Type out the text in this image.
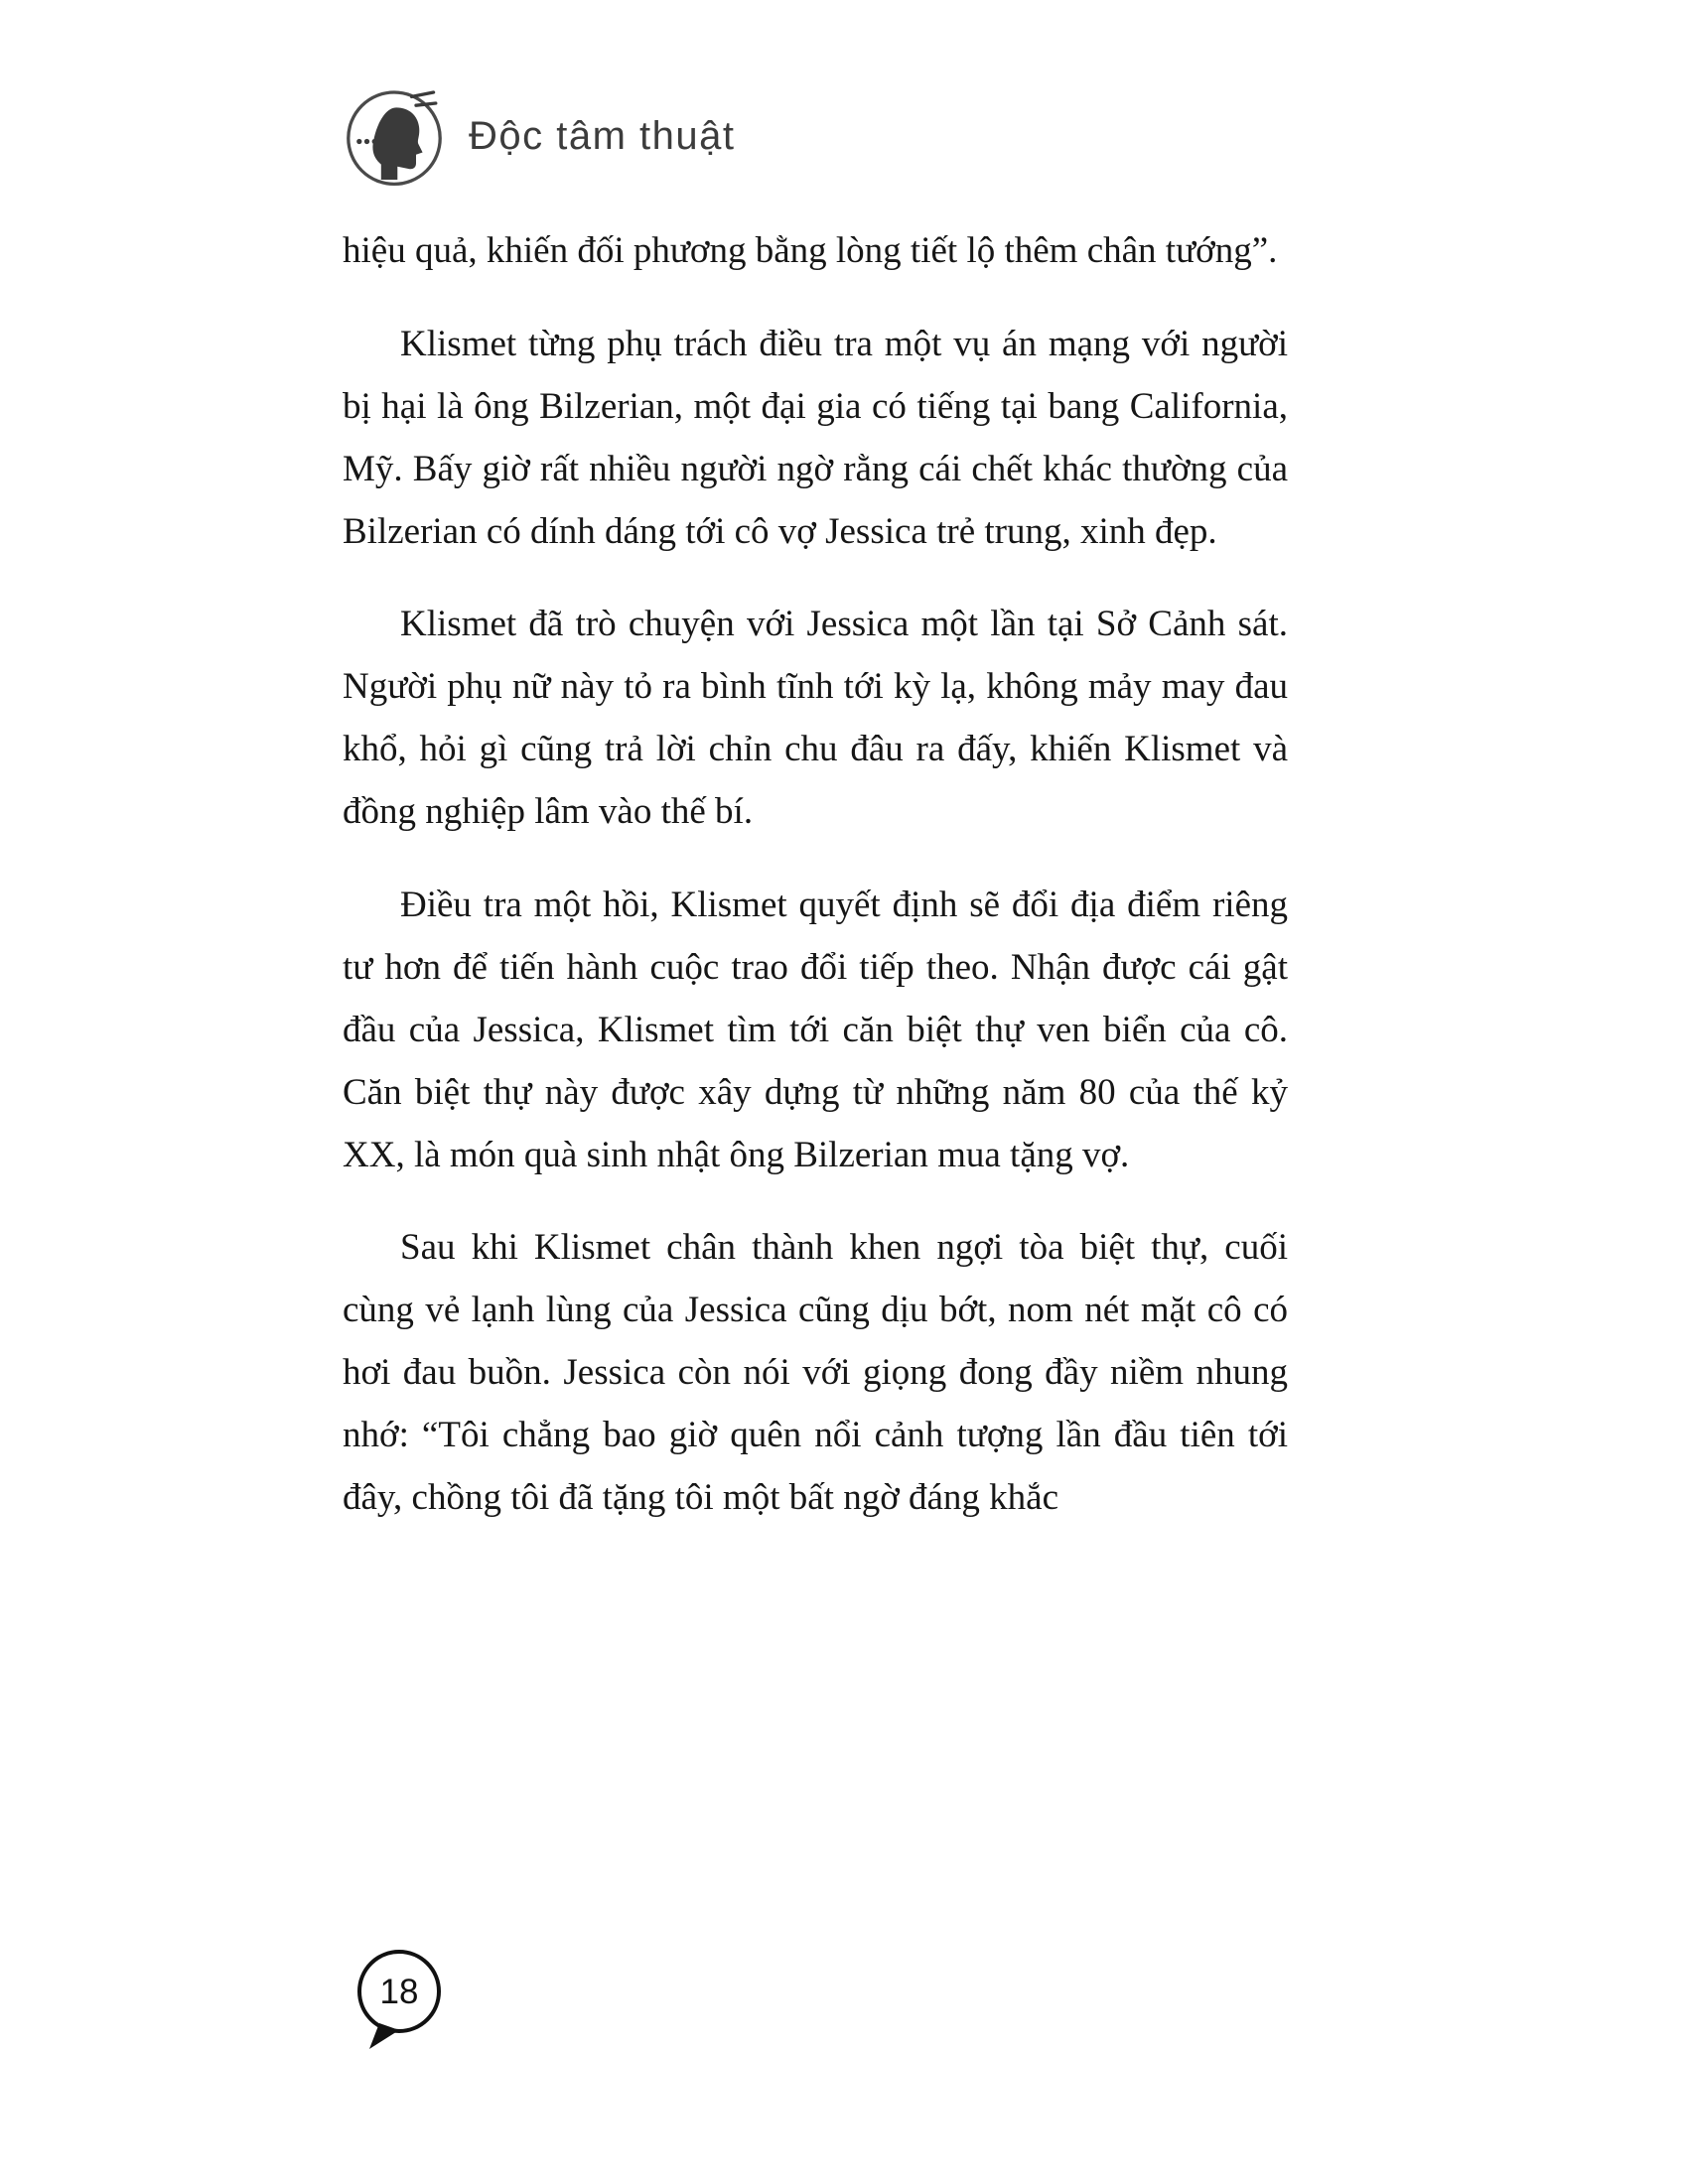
Độc tâm thuật

hiệu quả, khiến đối phương bằng lòng tiết lộ thêm chân tướng”.

Klismet từng phụ trách điều tra một vụ án mạng với người bị hại là ông Bilzerian, một đại gia có tiếng tại bang California, Mỹ. Bấy giờ rất nhiều người ngờ rằng cái chết khác thường của Bilzerian có dính dáng tới cô vợ Jessica trẻ trung, xinh đẹp.

Klismet đã trò chuyện với Jessica một lần tại Sở Cảnh sát. Người phụ nữ này tỏ ra bình tĩnh tới kỳ lạ, không mảy may đau khổ, hỏi gì cũng trả lời chỉn chu đâu ra đấy, khiến Klismet và đồng nghiệp lâm vào thế bí.

Điều tra một hồi, Klismet quyết định sẽ đổi địa điểm riêng tư hơn để tiến hành cuộc trao đổi tiếp theo. Nhận được cái gật đầu của Jessica, Klismet tìm tới căn biệt thự ven biển của cô. Căn biệt thự này được xây dựng từ những năm 80 của thế kỷ XX, là món quà sinh nhật ông Bilzerian mua tặng vợ.

Sau khi Klismet chân thành khen ngợi tòa biệt thự, cuối cùng vẻ lạnh lùng của Jessica cũng dịu bớt, nom nét mặt cô có hơi đau buồn. Jessica còn nói với giọng đong đầy niềm nhung nhớ: “Tôi chẳng bao giờ quên nổi cảnh tượng lần đầu tiên tới đây, chồng tôi đã tặng tôi một bất ngờ đáng khắc

18
